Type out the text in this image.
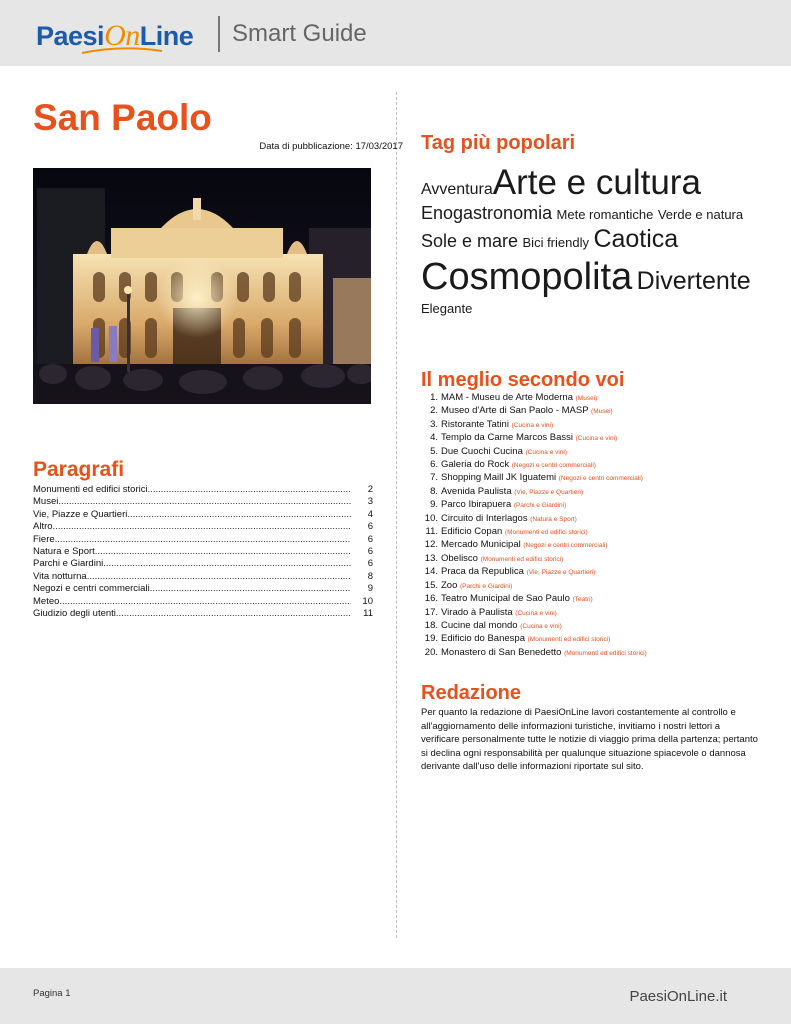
PaesiOnLine	Smart Guide
San Paolo
Data di pubblicazione: 17/03/2017
Paragrafi
Monumenti ed edifici storici .....	2
Musei .....	3
Vie, Piazze e Quartieri .....	4
Altro .....	6
Fiere .....	6
Natura e Sport .....	6
Parchi e Giardini .....	6
Vita notturna .....	8
Negozi e centri commerciali .....	9
Meteo .....	10
Giudizio degli utenti .....	11
Tag più popolari
AvventuraArte e cultura
Enogastronomia Mete romantiche Verde e natura Sole e mare Bici friendly Caotica
Cosmopolita Divertente
Elegante
Il meglio secondo voi
1. MAM - Museu de Arte Moderna (Musei)
2. Museo d'Arte di San Paolo - MASP (Musei)
3. Ristorante Tatini (Cucina e vini)
4. Templo da Carne Marcos Bassi (Cucina e vini)
5. Due Cuochi Cucina (Cucina e vini)
6. Galeria do Rock (Negozi e centri commerciali)
7. Shopping Maill JK Iguatemi (Negozi e centri commerciali)
8. Avenida Paulista (Vie, Piazze e Quartieri)
9. Parco Ibirapuera (Parchi e Giardini)
10. Circuito di Interlagos (Natura e Sport)
11. Edificio Copan (Monumenti ed edifici storici)
12. Mercado Municipal (Negozi e centri commerciali)
13. Obelisco (Monumenti ed edifici storici)
14. Praca da Republica (Vie, Piazze e Quartieri)
15. Zoo (Parchi e Giardini)
16. Teatro Municipal de Sao Paulo (Teatri)
17. Virado à Paulista (Cucina e vini)
18. Cucine dal mondo (Cucina e vini)
19. Edificio do Banespa (Monumenti ed edifici storici)
20. Monastero di San Benedetto (Monumenti ed edifici storici)
Redazione

Per quanto la redazione di PaesiOnLine lavori costantemente al controllo e all'aggiornamento delle informazioni turistiche, invitiamo i nostri lettori a verificare personalmente tutte le notizie di viaggio prima della partenza; pertanto si declina ogni responsabilità per qualunque situazione spiacevole o dannosa derivante dall'uso delle informazioni riportate sul sito.

Pagina 1	PaesiOnLine.it
